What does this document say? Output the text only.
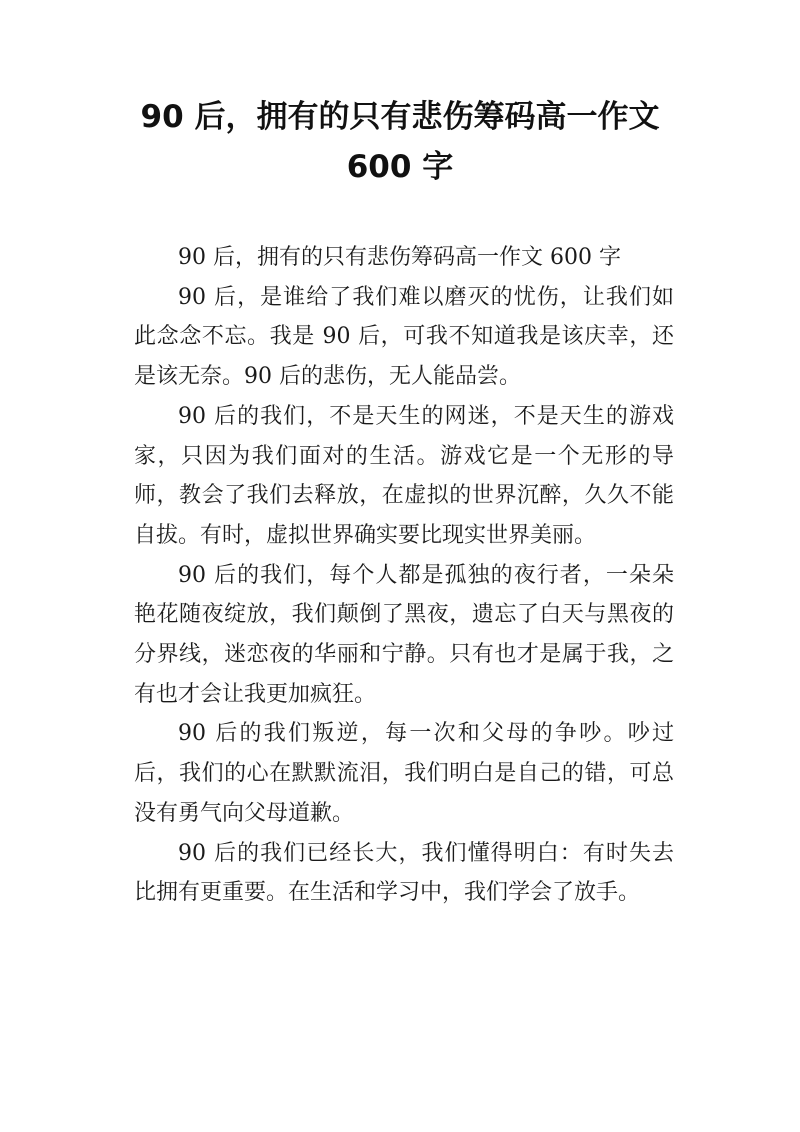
90 后，拥有的只有悲伤筹码高一作文
600 字

90 后，拥有的只有悲伤筹码高一作文 600 字

90 后，是谁给了我们难以磨灭的忧伤，让我们如此念念不忘。我是 90 后，可我不知道我是该庆幸，还是该无奈。90 后的悲伤，无人能品尝。

90 后的我们，不是天生的网迷，不是天生的游戏家，只因为我们面对的生活。游戏它是一个无形的导师，教会了我们去释放，在虚拟的世界沉醉，久久不能自拔。有时，虚拟世界确实要比现实世界美丽。

90 后的我们，每个人都是孤独的夜行者，一朵朵艳花随夜绽放，我们颠倒了黑夜，遗忘了白天与黑夜的分界线，迷恋夜的华丽和宁静。只有也才是属于我，之有也才会让我更加疯狂。

90 后的我们叛逆，每一次和父母的争吵。吵过后，我们的心在默默流泪，我们明白是自己的错，可总没有勇气向父母道歉。

90 后的我们已经长大，我们懂得明白：有时失去比拥有更重要。在生活和学习中，我们学会了放手。
